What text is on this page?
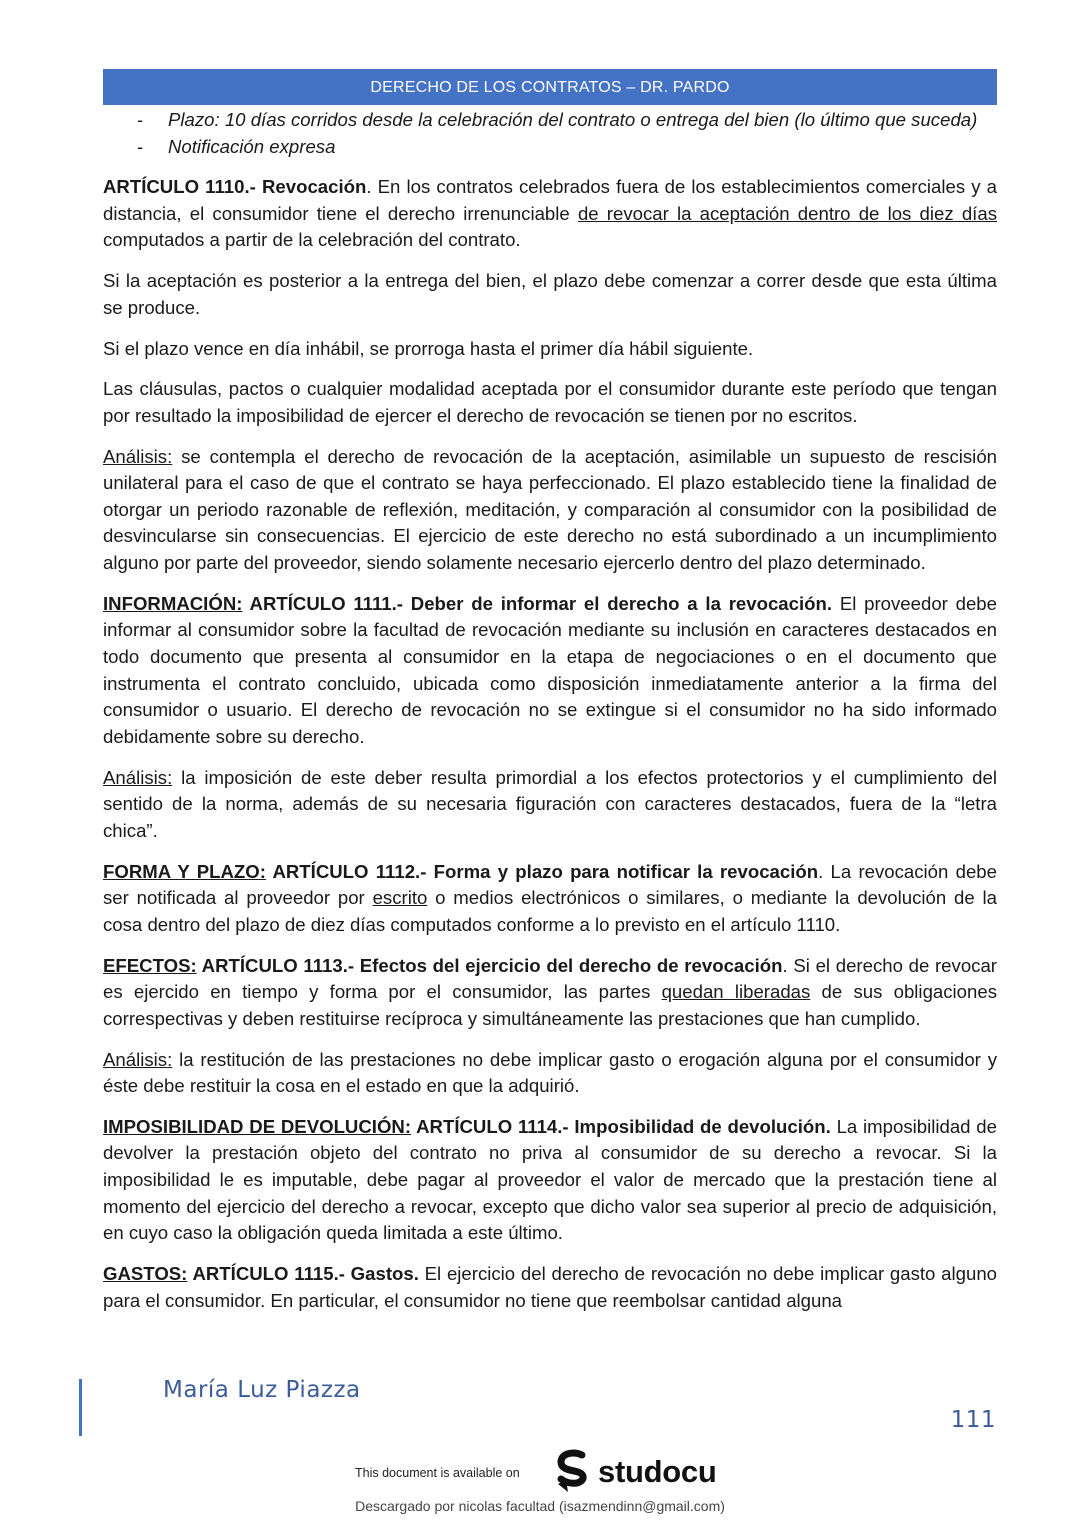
DERECHO DE LOS CONTRATOS – DR. PARDO
- Plazo: 10 días corridos desde la celebración del contrato o entrega del bien (lo último que suceda)
- Notificación expresa

ARTÍCULO 1110.- Revocación. En los contratos celebrados fuera de los establecimientos comerciales y a distancia, el consumidor tiene el derecho irrenunciable de revocar la aceptación dentro de los diez días computados a partir de la celebración del contrato.

Si la aceptación es posterior a la entrega del bien, el plazo debe comenzar a correr desde que esta última se produce.

Si el plazo vence en día inhábil, se prorroga hasta el primer día hábil siguiente.

Las cláusulas, pactos o cualquier modalidad aceptada por el consumidor durante este período que tengan por resultado la imposibilidad de ejercer el derecho de revocación se tienen por no escritos.

Análisis: se contempla el derecho de revocación de la aceptación, asimilable un supuesto de rescisión unilateral para el caso de que el contrato se haya perfeccionado. El plazo establecido tiene la finalidad de otorgar un periodo razonable de reflexión, meditación, y comparación al consumidor con la posibilidad de desvincularse sin consecuencias. El ejercicio de este derecho no está subordinado a un incumplimiento alguno por parte del proveedor, siendo solamente necesario ejercerlo dentro del plazo determinado.

INFORMACIÓN: ARTÍCULO 1111.- Deber de informar el derecho a la revocación. El proveedor debe informar al consumidor sobre la facultad de revocación mediante su inclusión en caracteres destacados en todo documento que presenta al consumidor en la etapa de negociaciones o en el documento que instrumenta el contrato concluido, ubicada como disposición inmediatamente anterior a la firma del consumidor o usuario. El derecho de revocación no se extingue si el consumidor no ha sido informado debidamente sobre su derecho.

Análisis: la imposición de este deber resulta primordial a los efectos protectorios y el cumplimiento del sentido de la norma, además de su necesaria figuración con caracteres destacados, fuera de la “letra chica”.

FORMA Y PLAZO: ARTÍCULO 1112.- Forma y plazo para notificar la revocación. La revocación debe ser notificada al proveedor por escrito o medios electrónicos o similares, o mediante la devolución de la cosa dentro del plazo de diez días computados conforme a lo previsto en el artículo 1110.

EFECTOS: ARTÍCULO 1113.- Efectos del ejercicio del derecho de revocación. Si el derecho de revocar es ejercido en tiempo y forma por el consumidor, las partes quedan liberadas de sus obligaciones correspectivas y deben restituirse recíproca y simultáneamente las prestaciones que han cumplido.

Análisis: la restitución de las prestaciones no debe implicar gasto o erogación alguna por el consumidor y éste debe restituir la cosa en el estado en que la adquirió.

IMPOSIBILIDAD DE DEVOLUCIÓN: ARTÍCULO 1114.- Imposibilidad de devolución. La imposibilidad de devolver la prestación objeto del contrato no priva al consumidor de su derecho a revocar. Si la imposibilidad le es imputable, debe pagar al proveedor el valor de mercado que la prestación tiene al momento del ejercicio del derecho a revocar, excepto que dicho valor sea superior al precio de adquisición, en cuyo caso la obligación queda limitada a este último.

GASTOS: ARTÍCULO 1115.- Gastos. El ejercicio del derecho de revocación no debe implicar gasto alguno para el consumidor. En particular, el consumidor no tiene que reembolsar cantidad alguna

María Luz Piazza
111
This document is available on	studocu
Descargado por nicolas facultad (isazmendinn@gmail.com)
